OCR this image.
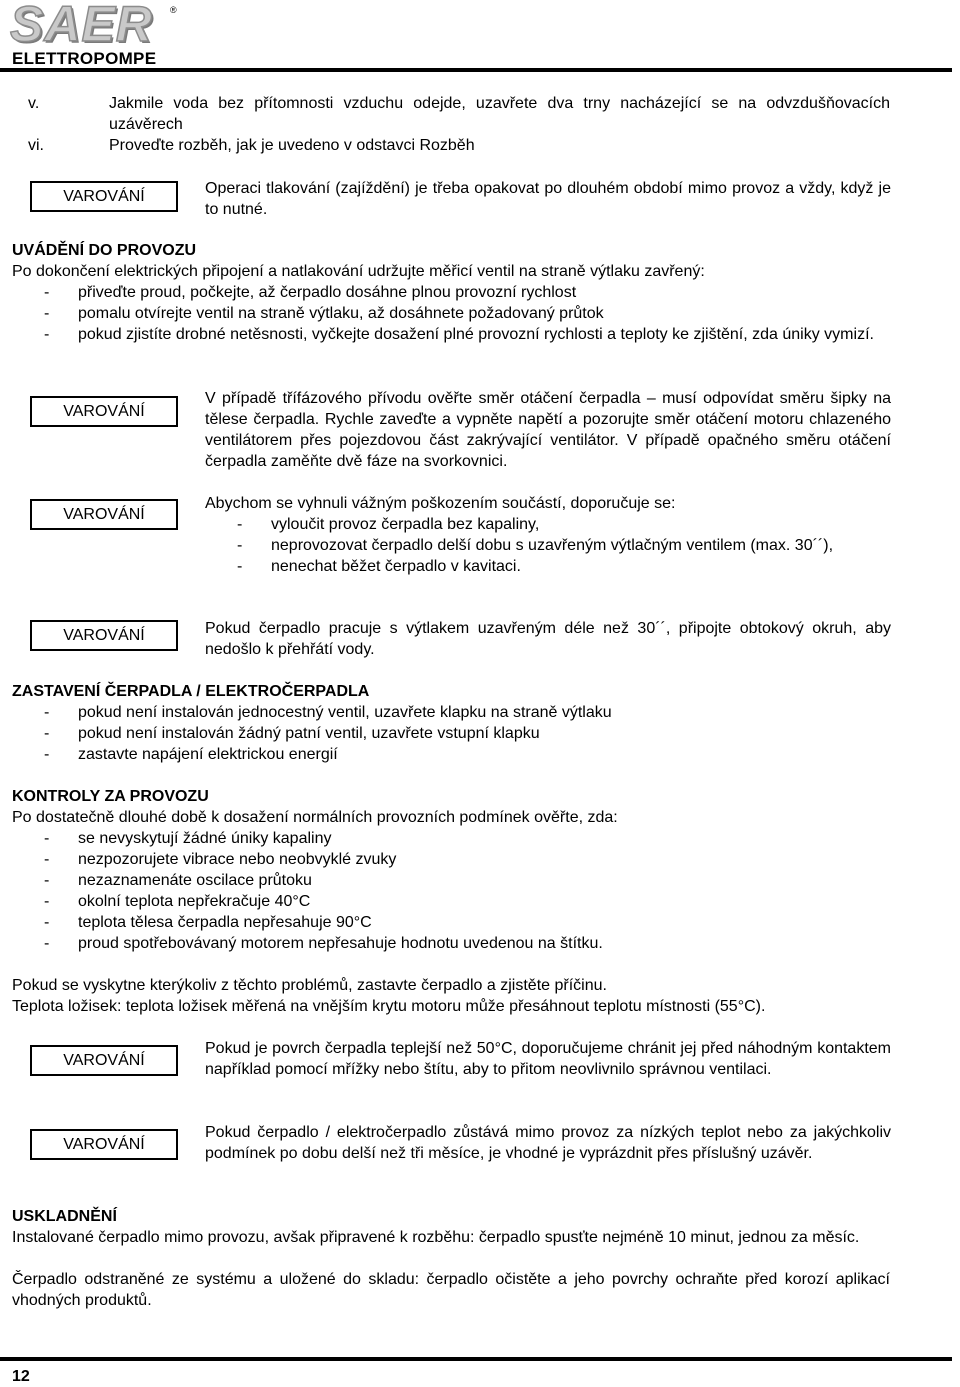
SAER ®
ELETTROPOMPE
v.	Jakmile voda bez přítomnosti vzduchu odejde, uzavřete dva trny nacházející se na odvzdušňovacích uzávěrech
vi.	Proveďte rozběh, jak je uvedeno v odstavci Rozběh
VAROVÁNÍ	Operaci tlakování (zajíždění) je třeba opakovat po dlouhém období mimo provoz a vždy, když je to nutné.
UVÁDĚNÍ DO PROVOZU
Po dokončení elektrických připojení a natlakování udržujte měřicí ventil na straně výtlaku zavřený:
- přiveďte proud, počkejte, až čerpadlo dosáhne plnou provozní rychlost
- pomalu otvírejte ventil na straně výtlaku, až dosáhnete požadovaný průtok
- pokud zjistíte drobné netěsnosti, vyčkejte dosažení plné provozní rychlosti a teploty ke zjištění, zda úniky vymizí.
VAROVÁNÍ
V případě třífázového přívodu ověřte směr otáčení čerpadla – musí odpovídat směru šipky na tělese čerpadla. Rychle zaveďte a vypněte napětí a pozorujte směr otáčení motoru chlazeného ventilátorem přes pojezdovou část zakrývající ventilátor. V případě opačného směru otáčení čerpadla zaměňte dvě fáze na svorkovnici.
VAROVÁNÍ
Abychom se vyhnuli vážným poškozením součástí, doporučuje se:
- vyloučit provoz čerpadla bez kapaliny,
- neprovozovat čerpadlo delší dobu s uzavřeným výtlačným ventilem (max. 30´´),
- nenechat běžet čerpadlo v kavitaci.
VAROVÁNÍ	Pokud čerpadlo pracuje s výtlakem uzavřeným déle než 30´´, připojte obtokový okruh, aby nedošlo k přehřátí vody.
ZASTAVENÍ ČERPADLA / ELEKTROČERPADLA
- pokud není instalován jednocestný ventil, uzavřete klapku na straně výtlaku
- pokud není instalován žádný patní ventil, uzavřete vstupní klapku
- zastavte napájení elektrickou energií
KONTROLY ZA PROVOZU
Po dostatečně dlouhé době k dosažení normálních provozních podmínek ověřte, zda:
- se nevyskytují žádné úniky kapaliny
- nezpozorujete vibrace nebo neobvyklé zvuky
- nezaznamenáte oscilace průtoku
- okolní teplota nepřekračuje 40°C
- teplota tělesa čerpadla nepřesahuje 90°C
- proud spotřebovávaný motorem nepřesahuje hodnotu uvedenou na štítku.
Pokud se vyskytne kterýkoliv z těchto problémů, zastavte čerpadlo a zjistěte příčinu.
Teplota ložisek: teplota ložisek měřená na vnějším krytu motoru může přesáhnout teplotu místnosti (55°C).
VAROVÁNÍ
Pokud je povrch čerpadla teplejší než 50°C, doporučujeme chránit jej před náhodným kontaktem například pomocí mřížky nebo štítu, aby to přitom neovlivnilo správnou ventilaci.
VAROVÁNÍ
Pokud čerpadlo / elektročerpadlo zůstává mimo provoz za nízkých teplot nebo za jakýchkoliv podmínek po dobu delší než tři měsíce, je vhodné je vyprázdnit přes příslušný uzávěr.
USKLADNĚNÍ
Instalované čerpadlo mimo provozu, avšak připravené k rozběhu: čerpadlo spusťte nejméně 10 minut, jednou za měsíc.
Čerpadlo odstraněné ze systému a uložené do skladu: čerpadlo očistěte a jeho povrchy ochraňte před korozí aplikací vhodných produktů.
12
